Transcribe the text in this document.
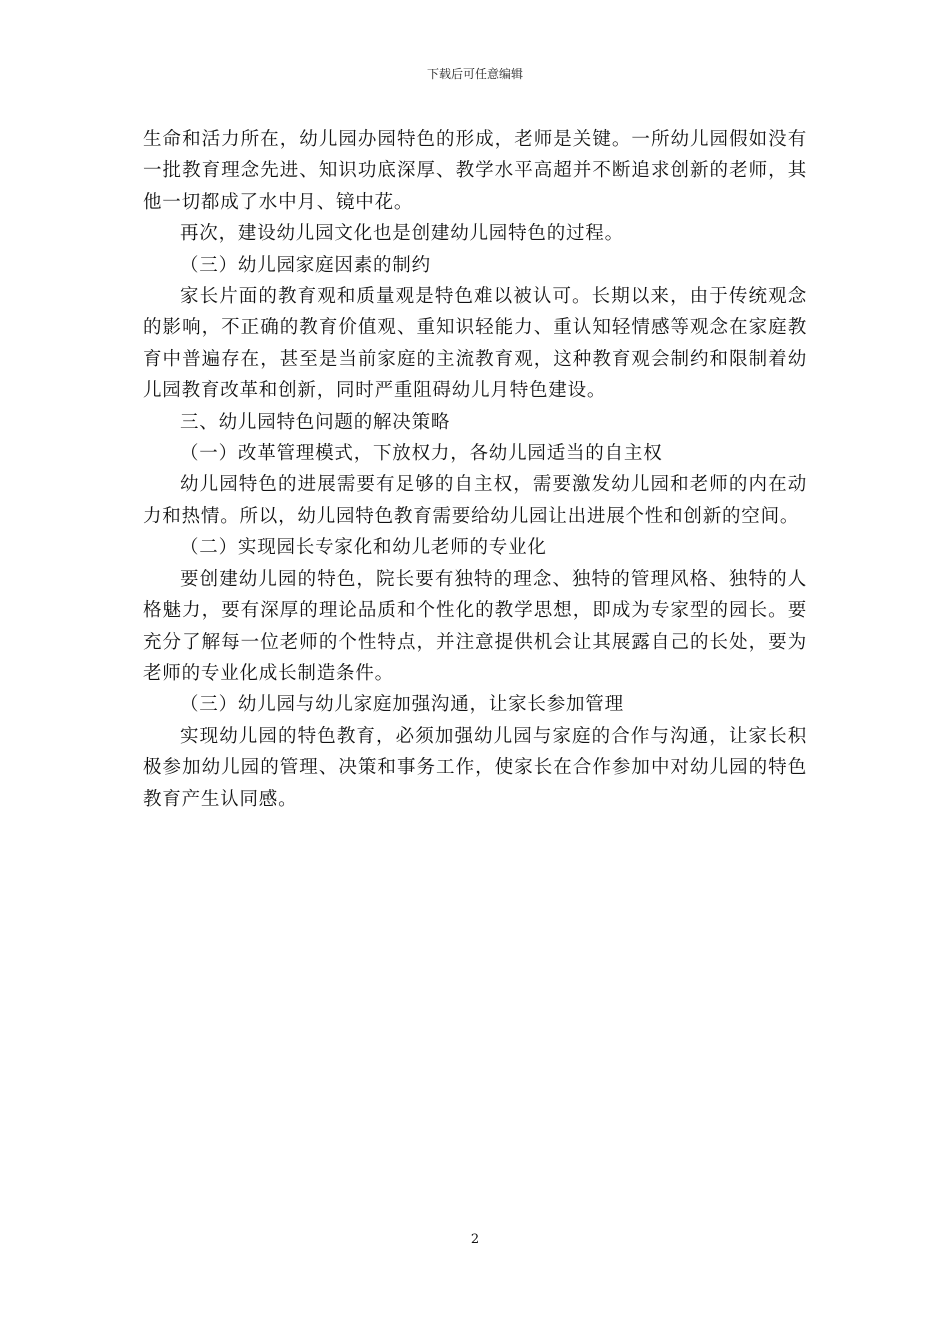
下载后可任意编辑

生命和活力所在，幼儿园办园特色的形成，老师是关键。一所幼儿园假如没有一批教育理念先进、知识功底深厚、教学水平高超并不断追求创新的老师，其他一切都成了水中月、镜中花。

再次，建设幼儿园文化也是创建幼儿园特色的过程。

（三）幼儿园家庭因素的制约

家长片面的教育观和质量观是特色难以被认可。长期以来，由于传统观念的影响，不正确的教育价值观、重知识轻能力、重认知轻情感等观念在家庭教育中普遍存在，甚至是当前家庭的主流教育观，这种教育观会制约和限制着幼儿园教育改革和创新，同时严重阻碍幼儿月特色建设。

三、幼儿园特色问题的解决策略

（一）改革管理模式，下放权力，各幼儿园适当的自主权

幼儿园特色的进展需要有足够的自主权，需要激发幼儿园和老师的内在动力和热情。所以，幼儿园特色教育需要给幼儿园让出进展个性和创新的空间。

（二）实现园长专家化和幼儿老师的专业化

要创建幼儿园的特色，院长要有独特的理念、独特的管理风格、独特的人格魅力，要有深厚的理论品质和个性化的教学思想，即成为专家型的园长。要充分了解每一位老师的个性特点，并注意提供机会让其展露自己的长处，要为老师的专业化成长制造条件。

（三）幼儿园与幼儿家庭加强沟通，让家长参加管理

实现幼儿园的特色教育，必须加强幼儿园与家庭的合作与沟通，让家长积极参加幼儿园的管理、决策和事务工作，使家长在合作参加中对幼儿园的特色教育产生认同感。

2
